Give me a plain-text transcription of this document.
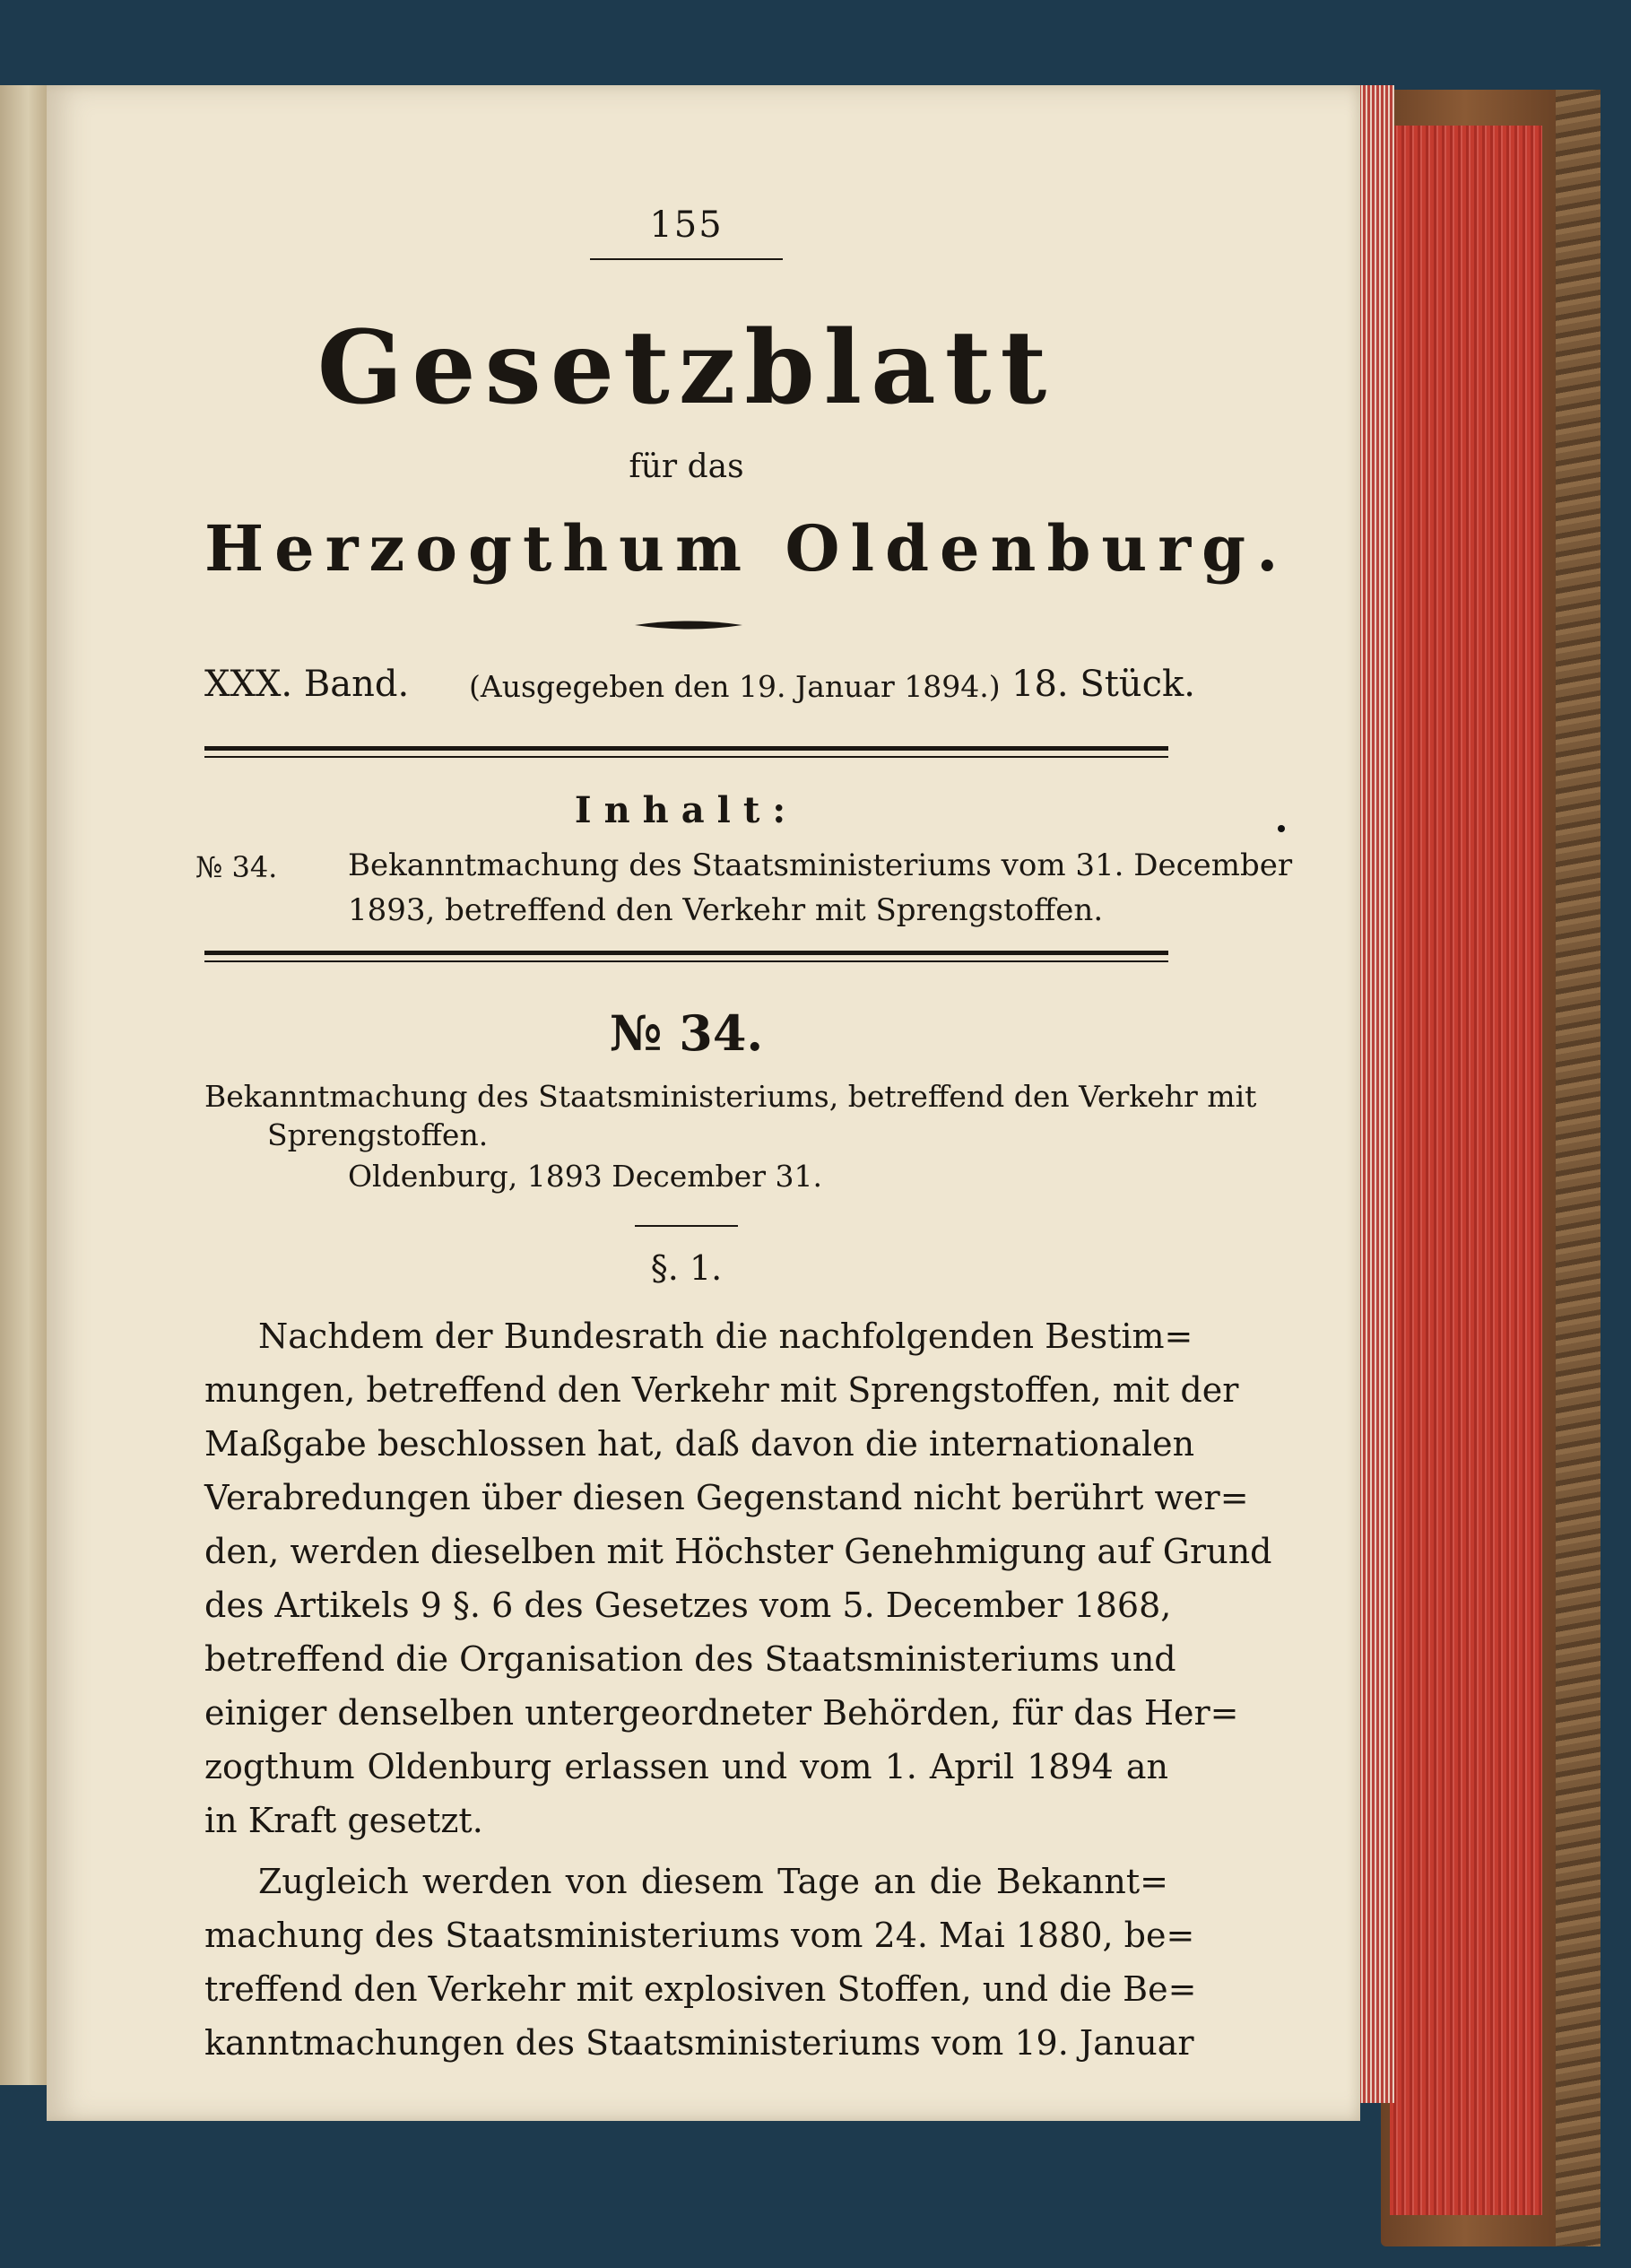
155
Gesetzblatt
für das
Herzogthum Oldenburg.
XXX. Band. (Ausgegeben den 19. Januar 1894.) 18. Stück.
Inhalt:
№ 34. Bekanntmachung des Staatsministeriums vom 31. December
1893, betreffend den Verkehr mit Sprengstoffen.
№ 34.
Bekanntmachung des Staatsministeriums, betreffend den Verkehr mit
Sprengstoffen.
Oldenburg, 1893 December 31.
§. 1.
Nachdem der Bundesrath die nachfolgenden Bestim=
mungen, betreffend den Verkehr mit Sprengstoffen, mit der
Maßgabe beschlossen hat, daß davon die internationalen
Verabredungen über diesen Gegenstand nicht berührt wer=
den, werden dieselben mit Höchster Genehmigung auf Grund
des Artikels 9 §. 6 des Gesetzes vom 5. December 1868,
betreffend die Organisation des Staatsministeriums und
einiger denselben untergeordneter Behörden, für das Her=
zogthum Oldenburg erlassen und vom 1. April 1894 an
in Kraft gesetzt.
Zugleich werden von diesem Tage an die Bekannt=
machung des Staatsministeriums vom 24. Mai 1880, be=
treffend den Verkehr mit explosiven Stoffen, und die Be=
kanntmachungen des Staatsministeriums vom 19. Januar
